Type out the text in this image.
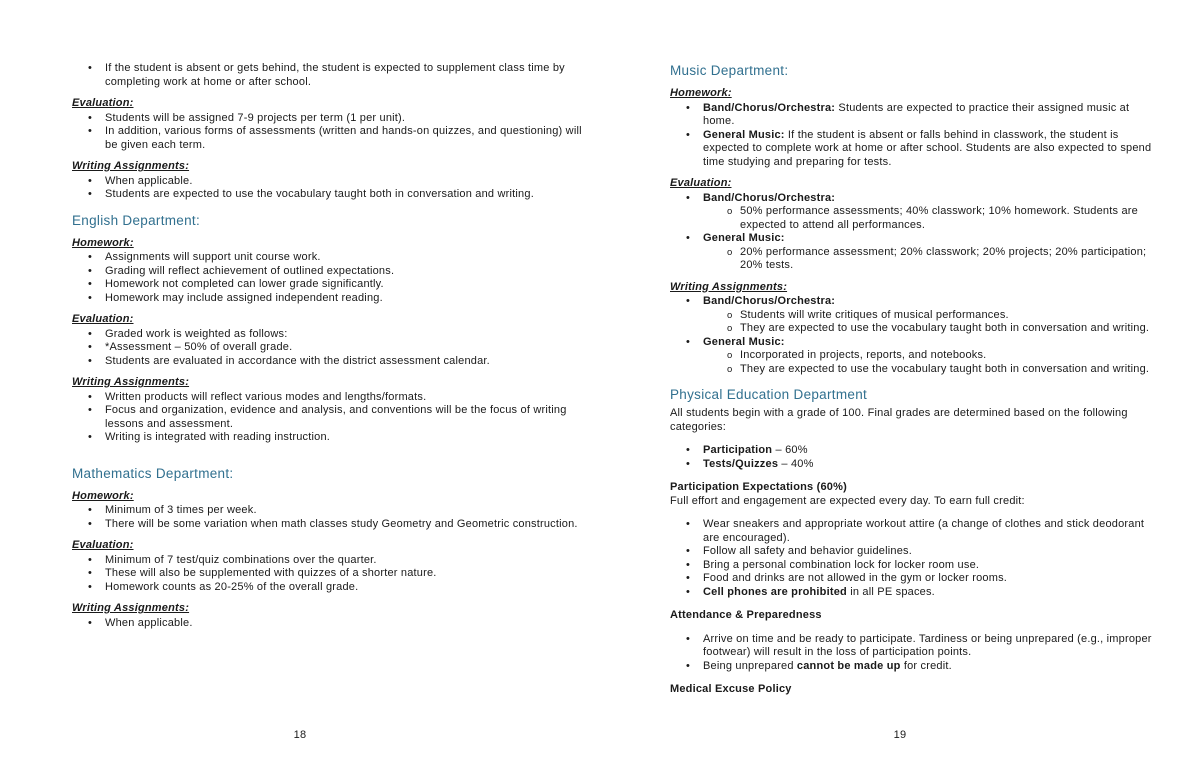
•	If the student is absent or gets behind, the student is expected to supplement class time by completing work at home or after school.
Evaluation:
•	Students will be assigned 7-9 projects per term (1 per unit).
•	In addition, various forms of assessments (written and hands-on quizzes, and questioning) will be given each term.
Writing Assignments:
•	When applicable.
•	Students are expected to use the vocabulary taught both in conversation and writing.
English Department:
Homework:
•	Assignments will support unit course work.
•	Grading will reflect achievement of outlined expectations.
•	Homework not completed can lower grade significantly.
•	Homework may include assigned independent reading.
Evaluation:
•	Graded work is weighted as follows:
•	*Assessment – 50% of overall grade.
•	Students are evaluated in accordance with the district assessment calendar.
Writing Assignments:
•	Written products will reflect various modes and lengths/formats.
•	Focus and organization, evidence and analysis, and conventions will be the focus of writing lessons and assessment.
•	Writing is integrated with reading instruction.
Mathematics Department:
Homework:
•	Minimum of 3 times per week.
•	There will be some variation when math classes study Geometry and Geometric construction.
Evaluation:
•	Minimum of 7 test/quiz combinations over the quarter.
•	These will also be supplemented with quizzes of a shorter nature.
•	Homework counts as 20-25% of the overall grade.
Writing Assignments:
•	When applicable.
18
Music Department:
Homework:
•	Band/Chorus/Orchestra: Students are expected to practice their assigned music at home.
•	General Music: If the student is absent or falls behind in classwork, the student is expected to complete work at home or after school. Students are also expected to spend time studying and preparing for tests.
Evaluation:
•	Band/Chorus/Orchestra:
o 50% performance assessments; 40% classwork; 10% homework. Students are expected to attend all performances.
•	General Music:
o 20% performance assessment; 20% classwork; 20% projects; 20% participation; 20% tests.
Writing Assignments:
•	Band/Chorus/Orchestra:
o Students will write critiques of musical performances.
o They are expected to use the vocabulary taught both in conversation and writing.
•	General Music:
o Incorporated in projects, reports, and notebooks.
o They are expected to use the vocabulary taught both in conversation and writing.
Physical Education Department
All students begin with a grade of 100. Final grades are determined based on the following categories:
•	Participation – 60%
•	Tests/Quizzes – 40%
Participation Expectations (60%)
Full effort and engagement are expected every day. To earn full credit:
•	Wear sneakers and appropriate workout attire (a change of clothes and stick deodorant are encouraged).
•	Follow all safety and behavior guidelines.
•	Bring a personal combination lock for locker room use.
•	Food and drinks are not allowed in the gym or locker rooms.
•	Cell phones are prohibited in all PE spaces.
Attendance & Preparedness
•	Arrive on time and be ready to participate. Tardiness or being unprepared (e.g., improper footwear) will result in the loss of participation points.
•	Being unprepared cannot be made up for credit.
Medical Excuse Policy
19
